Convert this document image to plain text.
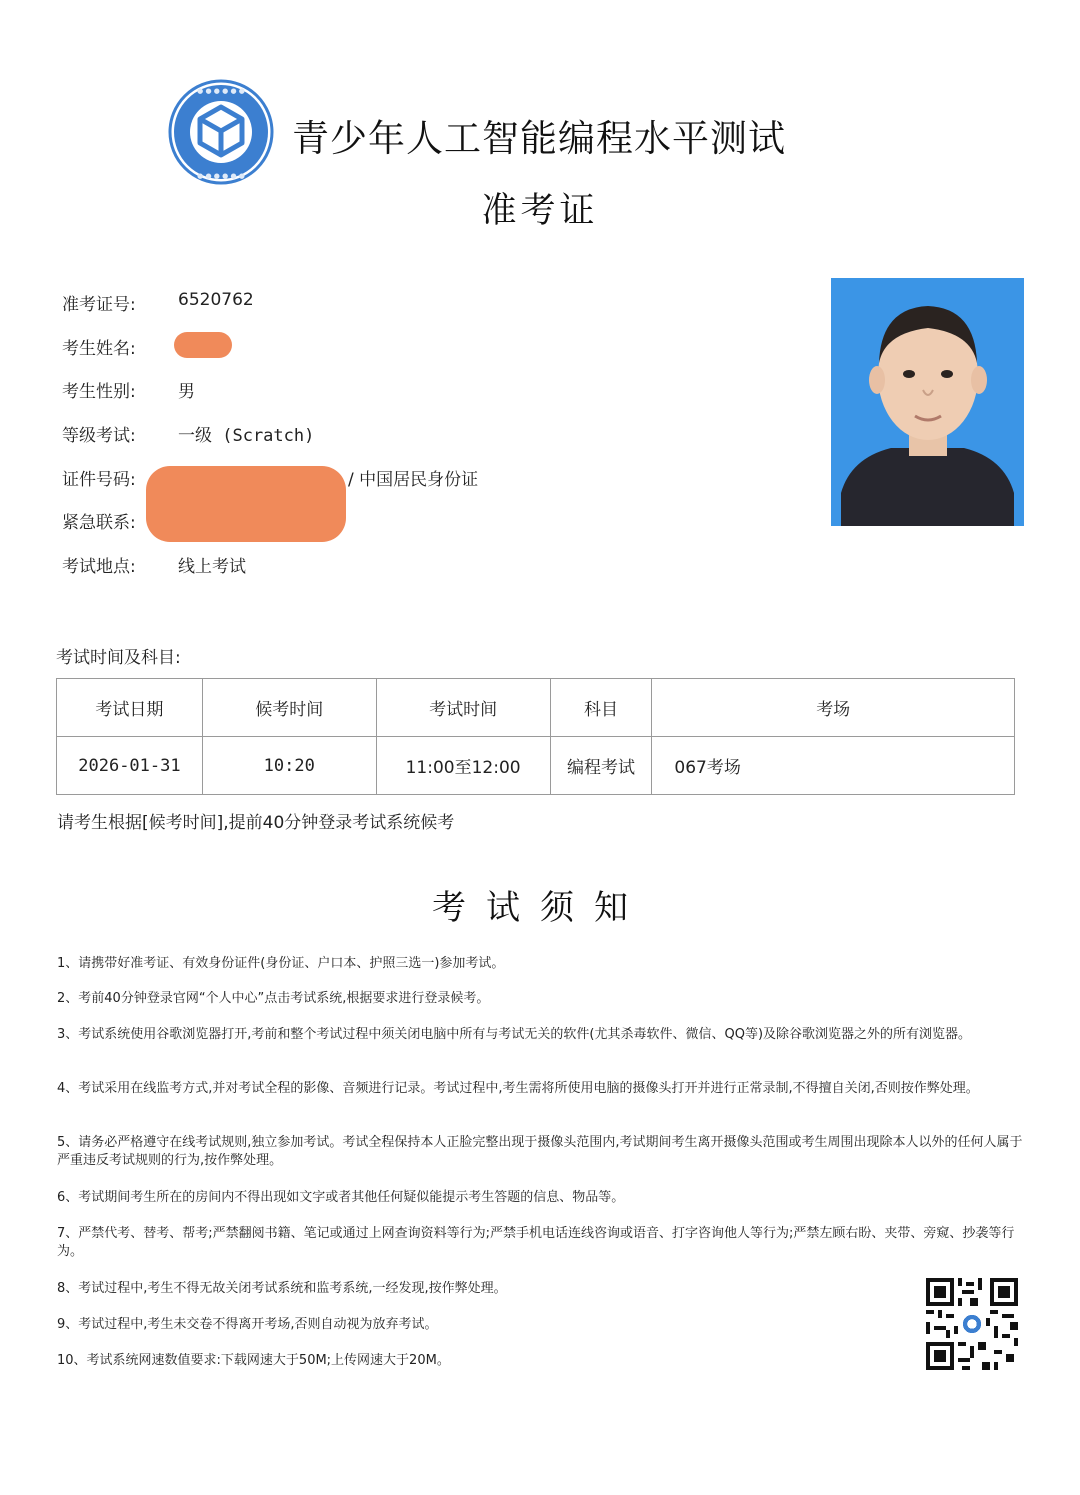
● ● ● ● ● ●
● ● ● ● ● ●
青少年人工智能编程水平测试
准考证
准考证号: 6520762
考生姓名:
考生性别: 男
等级考试: 一级 (Scratch)
证件号码:	/ 中国居民身份证
紧急联系:
考试地点: 线上考试
考试时间及科目:
考试日期	候考时间	考试时间	科目	考场
2026-01-31	10:20	11:00至12:00	编程考试	067考场
请考生根据[候考时间],提前40分钟登录考试系统候考
考试须知
1、请携带好准考证、有效身份证件(身份证、户口本、护照三选一)参加考试。
2、考前40分钟登录官网“个人中心”点击考试系统,根据要求进行登录候考。
3、考试系统使用谷歌浏览器打开,考前和整个考试过程中须关闭电脑中所有与考试无关的软件(尤其杀毒软件、微信、QQ等)及除谷歌浏览器之外的所有浏览器。
4、考试采用在线监考方式,并对考试全程的影像、音频进行记录。考试过程中,考生需将所使用电脑的摄像头打开并进行正常录制,不得擅自关闭,否则按作弊处理。
5、请务必严格遵守在线考试规则,独立参加考试。考试全程保持本人正脸完整出现于摄像头范围内,考试期间考生离开摄像头范围或考生周围出现除本人以外的任何人属于严重违反考试规则的行为,按作弊处理。
6、考试期间考生所在的房间内不得出现如文字或者其他任何疑似能提示考生答题的信息、物品等。
7、严禁代考、替考、帮考;严禁翻阅书籍、笔记或通过上网查询资料等行为;严禁手机电话连线咨询或语音、打字咨询他人等行为;严禁左顾右盼、夹带、旁窥、抄袭等行为。
8、考试过程中,考生不得无故关闭考试系统和监考系统,一经发现,按作弊处理。
9、考试过程中,考生未交卷不得离开考场,否则自动视为放弃考试。
10、考试系统网速数值要求:下载网速大于50M;上传网速大于20M。
